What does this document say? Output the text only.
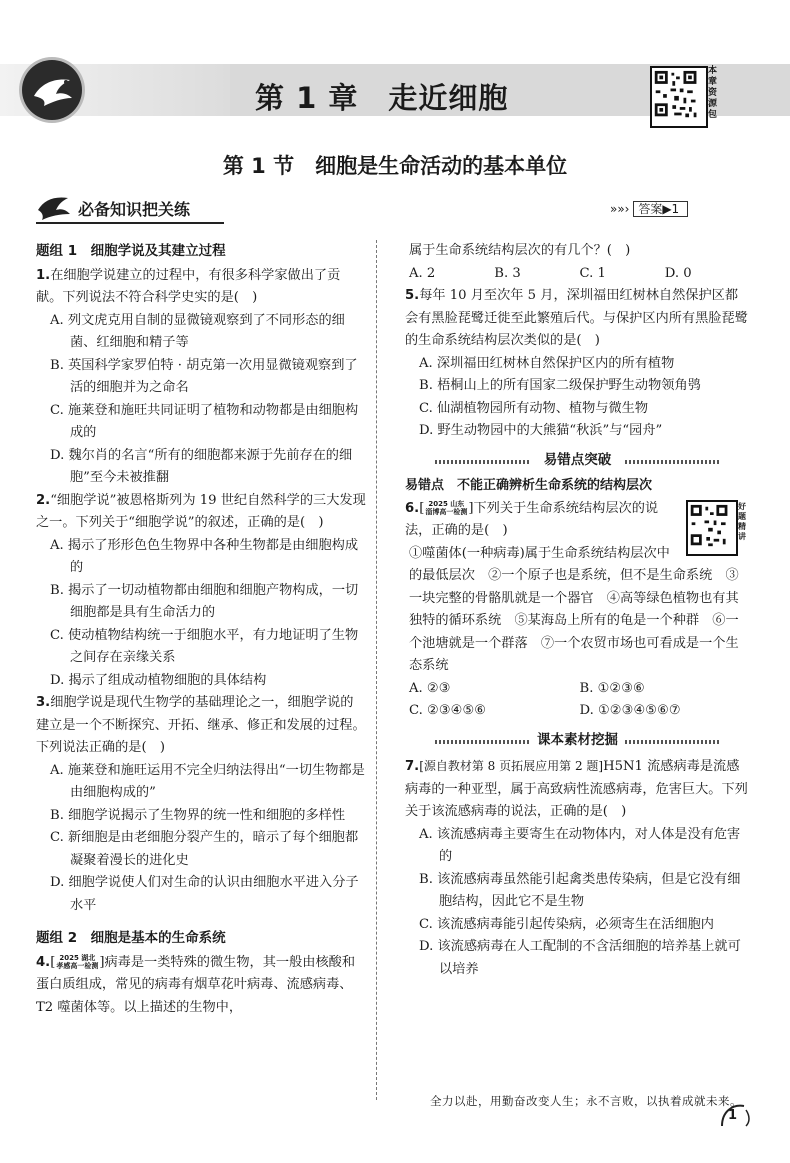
第 1 章　走近细胞
本章资源包
第 1 节　细胞是生命活动的基本单位
必备知识把关练	»»› 答案▶1

题组 1　细胞学说及其建立过程

1.在细胞学说建立的过程中，有很多科学家做出了贡献。下列说法不符合科学史实的是(　)

A. 列文虎克用自制的显微镜观察到了不同形态的细菌、红细胞和精子等

B. 英国科学家罗伯特 · 胡克第一次用显微镜观察到了活的细胞并为之命名

C. 施莱登和施旺共同证明了植物和动物都是由细胞构成的

D. 魏尔肖的名言“所有的细胞都来源于先前存在的细胞”至今未被推翻

2.“细胞学说”被恩格斯列为 19 世纪自然科学的三大发现之一。下列关于“细胞学说”的叙述，正确的是(　)

A. 揭示了形形色色生物界中各种生物都是由细胞构成的

B. 揭示了一切动植物都由细胞和细胞产物构成，一切细胞都是具有生命活力的

C. 使动植物结构统一于细胞水平，有力地证明了生物之间存在亲缘关系

D. 揭示了组成动植物细胞的具体结构

3.细胞学说是现代生物学的基础理论之一，细胞学说的建立是一个不断探究、开拓、继承、修正和发展的过程。下列说法正确的是(　)

A. 施莱登和施旺运用不完全归纳法得出“一切生物都是由细胞构成的”

B. 细胞学说揭示了生物界的统一性和细胞的多样性

C. 新细胞是由老细胞分裂产生的，暗示了每个细胞都凝聚着漫长的进化史

D. 细胞学说使人们对生命的认识由细胞水平进入分子水平

题组 2　细胞是基本的生命系统

4.[ 2025 湖北
孝感高一检测]病毒是一类特殊的微生物，其一般由核酸和蛋白质组成，常见的病毒有烟草花叶病毒、流感病毒、T2 噬菌体等。以上描述的生物中，

属于生命系统结构层次的有几个？(　)

A. 2	B. 3	C. 1	D. 0

5.每年 10 月至次年 5 月，深圳福田红树林自然保护区都会有黑脸琵鹭迁徙至此繁殖后代。与保护区内所有黑脸琵鹭的生命系统结构层次类似的是(　)

A. 深圳福田红树林自然保护区内的所有植物

B. 梧桐山上的所有国家二级保护野生动物领角鸮

C. 仙湖植物园所有动物、植物与微生物

D. 野生动物园中的大熊猫“秋浜”与“园舟”

易错点突破

易错点　不能正确辨析生命系统的结构层次

好题精讲

6.[ 2025 山东
淄博高一检测]下列关于生命系统结构层次的说法，正确的是(　)

①噬菌体(一种病毒)属于生命系统结构层次中的最低层次　②一个原子也是系统，但不是生命系统　③一块完整的骨骼肌就是一个器官　④高等绿色植物也有其独特的循环系统　⑤某海岛上所有的龟是一个种群　⑥一个池塘就是一个群落　⑦一个农贸市场也可看成是一个生态系统

A. ②③	B. ①②③⑥
C. ②③④⑤⑥	D. ①②③④⑤⑥⑦
课本素材挖掘

7.[源自教材第 8 页拓展应用第 2 题]H5N1 流感病毒是流感病毒的一种亚型，属于高致病性流感病毒，危害巨大。下列关于该流感病毒的说法，正确的是(　)

A. 该流感病毒主要寄生在动物体内，对人体是没有危害的

B. 该流感病毒虽然能引起禽类患传染病，但是它没有细胞结构，因此它不是生物

C. 该流感病毒能引起传染病，必须寄生在活细胞内

D. 该流感病毒在人工配制的不含活细胞的培养基上就可以培养

全力以赴，用勤奋改变人生；永不言败，以执着成就未来。
1
